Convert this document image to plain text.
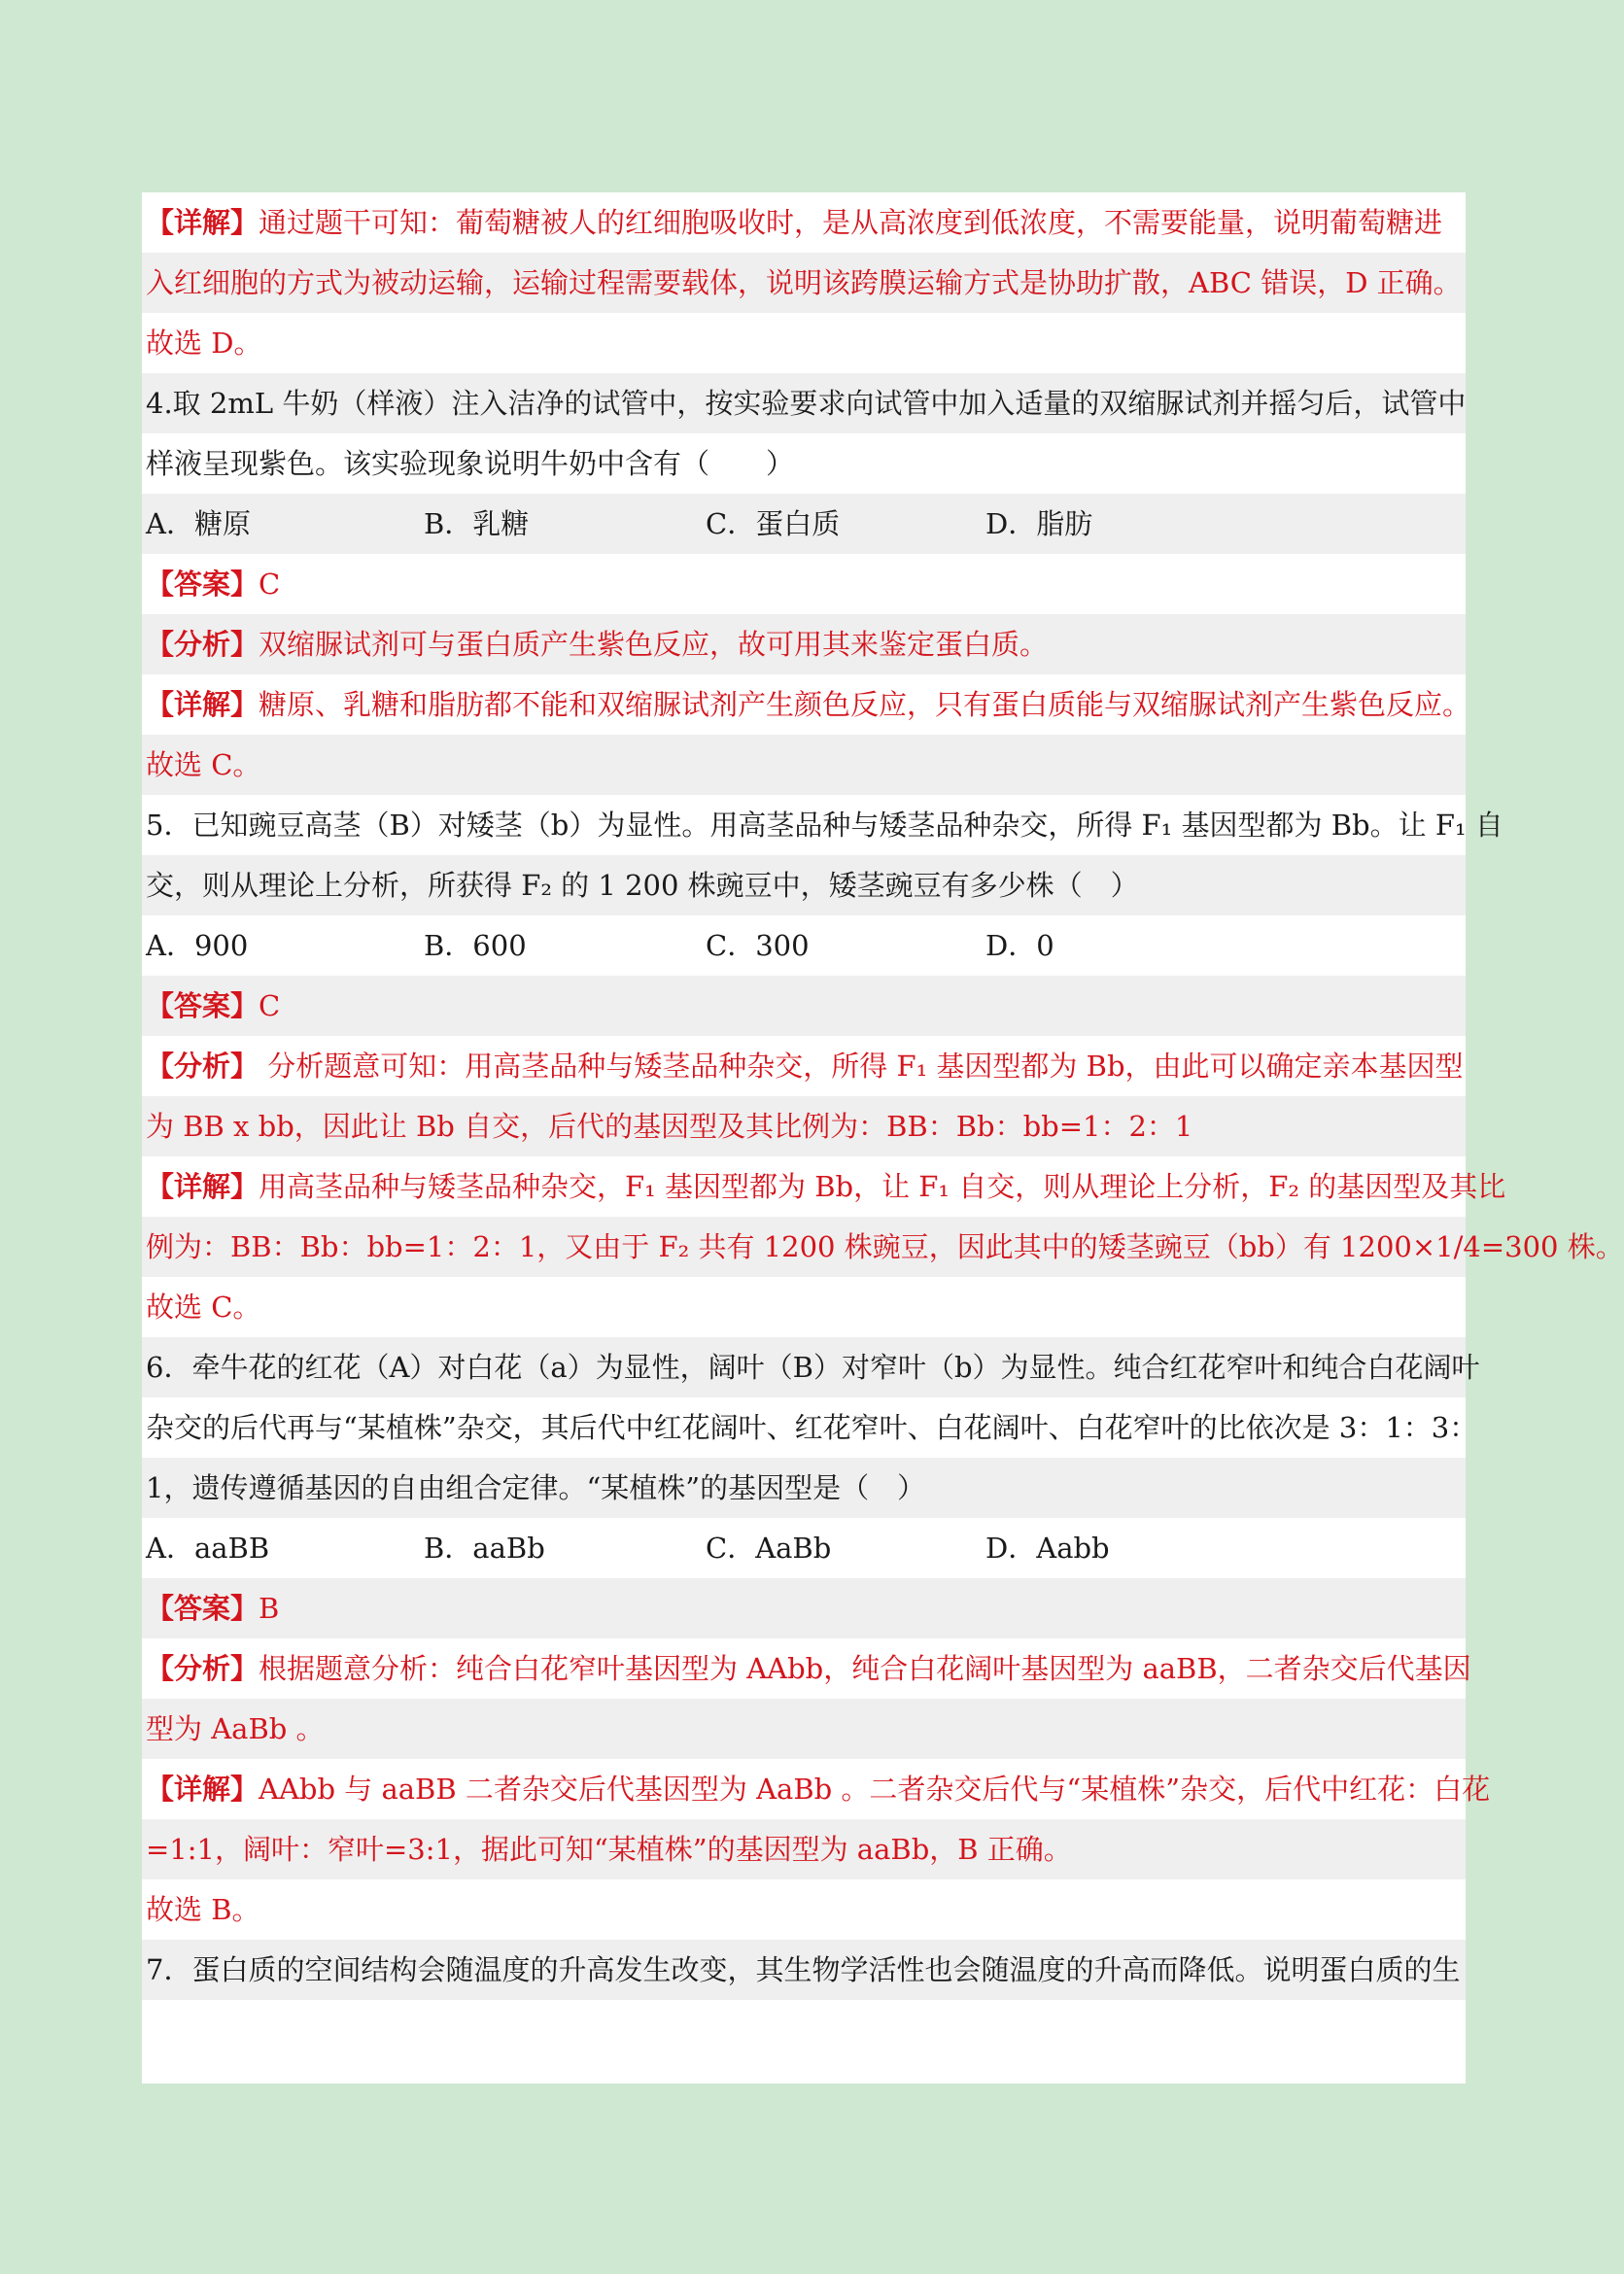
【详解】通过题干可知：葡萄糖被人的红细胞吸收时，是从高浓度到低浓度，不需要能量，说明葡萄糖进
入红细胞的方式为被动运输，运输过程需要载体，说明该跨膜运输方式是协助扩散，ABC 错误，D 正确。
故选 D。
4.取 2mL 牛奶（样液）注入洁净的试管中，按实验要求向试管中加入适量的双缩脲试剂并摇匀后，试管中
样液呈现紫色。该实验现象说明牛奶中含有（　　）
A．糖原	B．乳糖	C．蛋白质	D．脂肪
【答案】C
【分析】双缩脲试剂可与蛋白质产生紫色反应，故可用其来鉴定蛋白质。
【详解】糖原、乳糖和脂肪都不能和双缩脲试剂产生颜色反应，只有蛋白质能与双缩脲试剂产生紫色反应。
故选 C。
5．已知豌豆高茎（B）对矮茎（b）为显性。用高茎品种与矮茎品种杂交，所得 F₁ 基因型都为 Bb。让 F₁ 自
交，则从理论上分析，所获得 F₂ 的 1 200 株豌豆中，矮茎豌豆有多少株（　）
A．900	B．600	C．300	D．0
【答案】C
【分析】 分析题意可知：用高茎品种与矮茎品种杂交，所得 F₁ 基因型都为 Bb，由此可以确定亲本基因型
为 BB x bb，因此让 Bb 自交，后代的基因型及其比例为：BB：Bb：bb=1：2：1
【详解】用高茎品种与矮茎品种杂交，F₁ 基因型都为 Bb，让 F₁ 自交，则从理论上分析，F₂ 的基因型及其比
例为：BB：Bb：bb=1：2：1，又由于 F₂ 共有 1200 株豌豆，因此其中的矮茎豌豆（bb）有 1200×1/4=300 株。
故选 C。
6．牵牛花的红花（A）对白花（a）为显性，阔叶（B）对窄叶（b）为显性。纯合红花窄叶和纯合白花阔叶
杂交的后代再与“某植株”杂交，其后代中红花阔叶、红花窄叶、白花阔叶、白花窄叶的比依次是 3：1：3：
1，遗传遵循基因的自由组合定律。“某植株”的基因型是（　）
A．aaBB	B．aaBb	C．AaBb	D．Aabb
【答案】B
【分析】根据题意分析：纯合白花窄叶基因型为 AAbb，纯合白花阔叶基因型为 aaBB，二者杂交后代基因
型为 AaBb 。
【详解】AAbb 与 aaBB 二者杂交后代基因型为 AaBb 。二者杂交后代与“某植株”杂交，后代中红花：白花
=1:1，阔叶：窄叶=3:1，据此可知“某植株”的基因型为 aaBb，B 正确。
故选 B。
7．蛋白质的空间结构会随温度的升高发生改变，其生物学活性也会随温度的升高而降低。说明蛋白质的生
